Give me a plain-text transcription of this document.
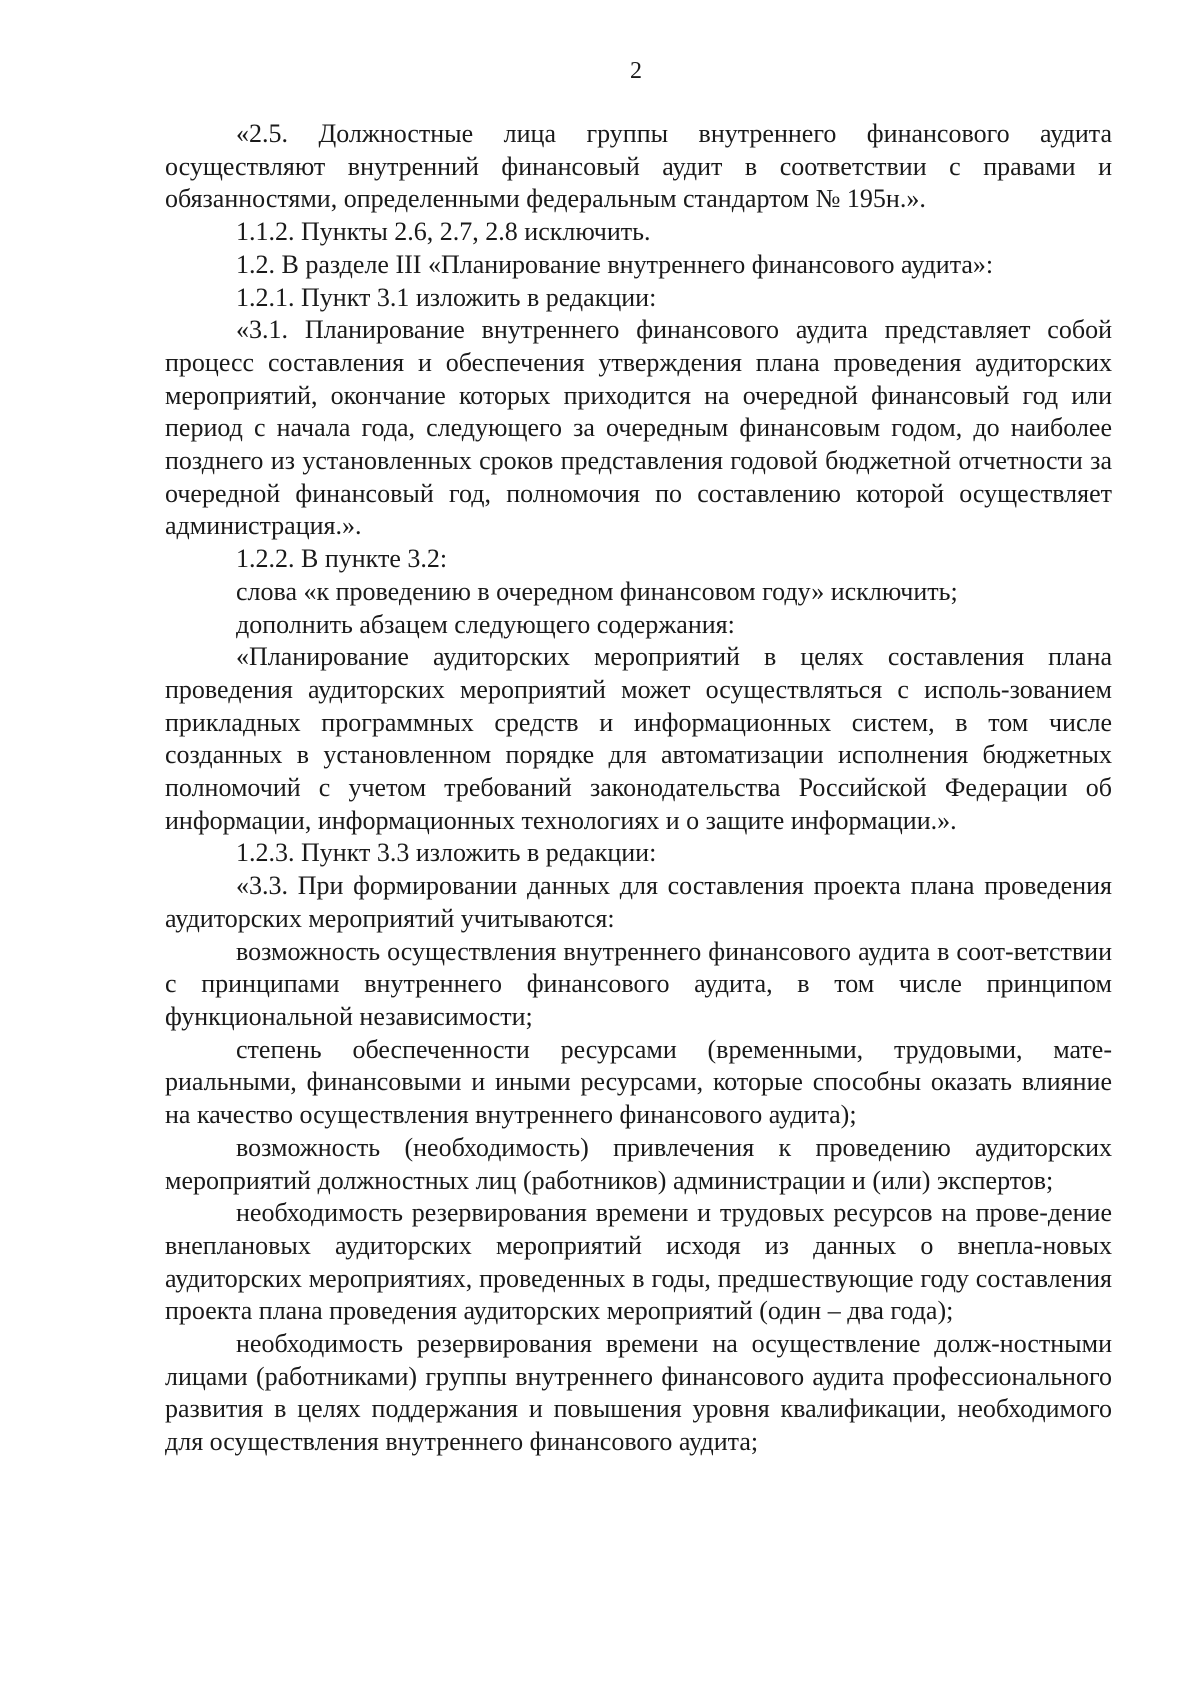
2

«2.5. Должностные лица группы внутреннего финансового аудита осуществляют внутренний финансовый аудит в соответствии с правами и обязанностями, определенными федеральным стандартом № 195н.».

1.1.2. Пункты 2.6, 2.7, 2.8 исключить.

1.2. В разделе III «Планирование внутреннего финансового аудита»:

1.2.1. Пункт 3.1 изложить в редакции:

«3.1. Планирование внутреннего финансового аудита представляет собой процесс составления и обеспечения утверждения плана проведения аудиторских мероприятий, окончание которых приходится на очередной финансовый год или период с начала года, следующего за очередным финансовым годом, до наиболее позднего из установленных сроков представления годовой бюджетной отчетности за очередной финансовый год, полномочия по составлению которой осуществляет администрация.».

1.2.2. В пункте 3.2:

слова «к проведению в очередном финансовом году» исключить;

дополнить абзацем следующего содержания:

«Планирование аудиторских мероприятий в целях составления плана проведения аудиторских мероприятий может осуществляться с исполь-зованием прикладных программных средств и информационных систем, в том числе созданных в установленном порядке для автоматизации исполнения бюджетных полномочий с учетом требований законодательства Российской Федерации об информации, информационных технологиях и о защите информации.».

1.2.3. Пункт 3.3 изложить в редакции:

«3.3. При формировании данных для составления проекта плана проведения аудиторских мероприятий учитываются:

возможность осуществления внутреннего финансового аудита в соот-ветствии с принципами внутреннего финансового аудита, в том числе принципом функциональной независимости;

степень обеспеченности ресурсами (временными, трудовыми, мате-риальными, финансовыми и иными ресурсами, которые способны оказать влияние на качество осуществления внутреннего финансового аудита);

возможность (необходимость) привлечения к проведению аудиторских мероприятий должностных лиц (работников) администрации и (или) экспертов;

необходимость резервирования времени и трудовых ресурсов на прове-дение внеплановых аудиторских мероприятий исходя из данных о внепла-новых аудиторских мероприятиях, проведенных в годы, предшествующие году составления проекта плана проведения аудиторских мероприятий (один – два года);

необходимость резервирования времени на осуществление долж-ностными лицами (работниками) группы внутреннего финансового аудита профессионального развития в целях поддержания и повышения уровня квалификации, необходимого для осуществления внутреннего финансового аудита;
